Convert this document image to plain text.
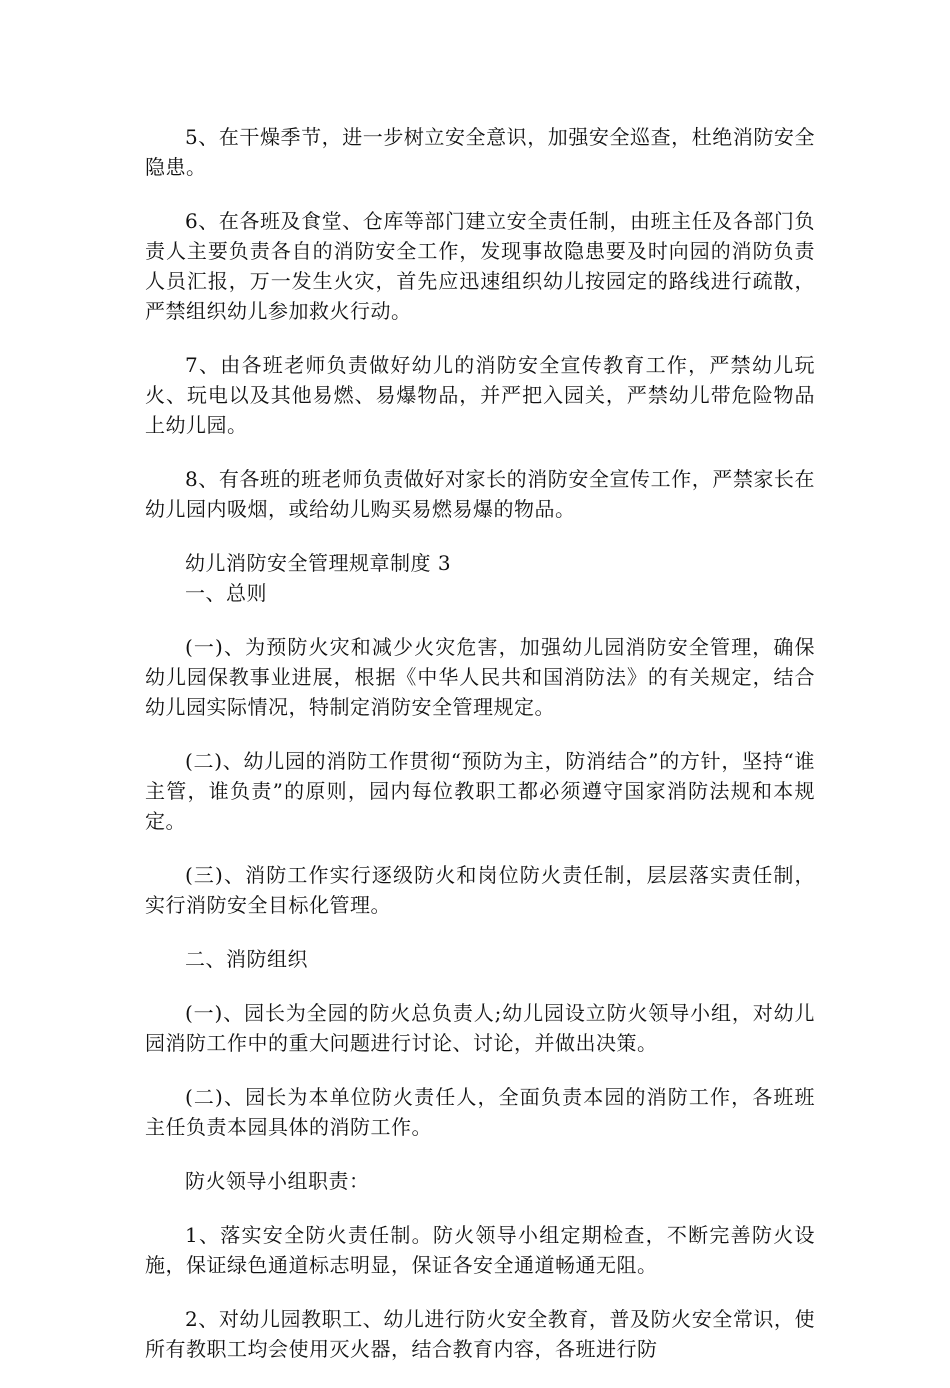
5、在干燥季节，进一步树立安全意识，加强安全巡查，杜绝消防安全隐患。

6、在各班及食堂、仓库等部门建立安全责任制，由班主任及各部门负责人主要负责各自的消防安全工作，发现事故隐患要及时向园的消防负责人员汇报，万一发生火灾，首先应迅速组织幼儿按园定的路线进行疏散，严禁组织幼儿参加救火行动。

7、由各班老师负责做好幼儿的消防安全宣传教育工作，严禁幼儿玩火、玩电以及其他易燃、易爆物品，并严把入园关，严禁幼儿带危险物品上幼儿园。

8、有各班的班老师负责做好对家长的消防安全宣传工作，严禁家长在幼儿园内吸烟，或给幼儿购买易燃易爆的物品。

幼儿消防安全管理规章制度 3

一、总则

(一)、为预防火灾和减少火灾危害，加强幼儿园消防安全管理，确保幼儿园保教事业进展，根据《中华人民共和国消防法》的有关规定，结合幼儿园实际情况，特制定消防安全管理规定。

(二)、幼儿园的消防工作贯彻“预防为主，防消结合”的方针，坚持“谁主管，谁负责”的原则，园内每位教职工都必须遵守国家消防法规和本规定。

(三)、消防工作实行逐级防火和岗位防火责任制，层层落实责任制，实行消防安全目标化管理。

二、消防组织

(一)、园长为全园的防火总负责人;幼儿园设立防火领导小组，对幼儿园消防工作中的重大问题进行讨论、讨论，并做出决策。

(二)、园长为本单位防火责任人，全面负责本园的消防工作，各班班主任负责本园具体的消防工作。

防火领导小组职责：

1、落实安全防火责任制。防火领导小组定期检查，不断完善防火设施，保证绿色通道标志明显，保证各安全通道畅通无阻。

2、对幼儿园教职工、幼儿进行防火安全教育，普及防火安全常识，使所有教职工均会使用灭火器，结合教育内容，各班进行防
